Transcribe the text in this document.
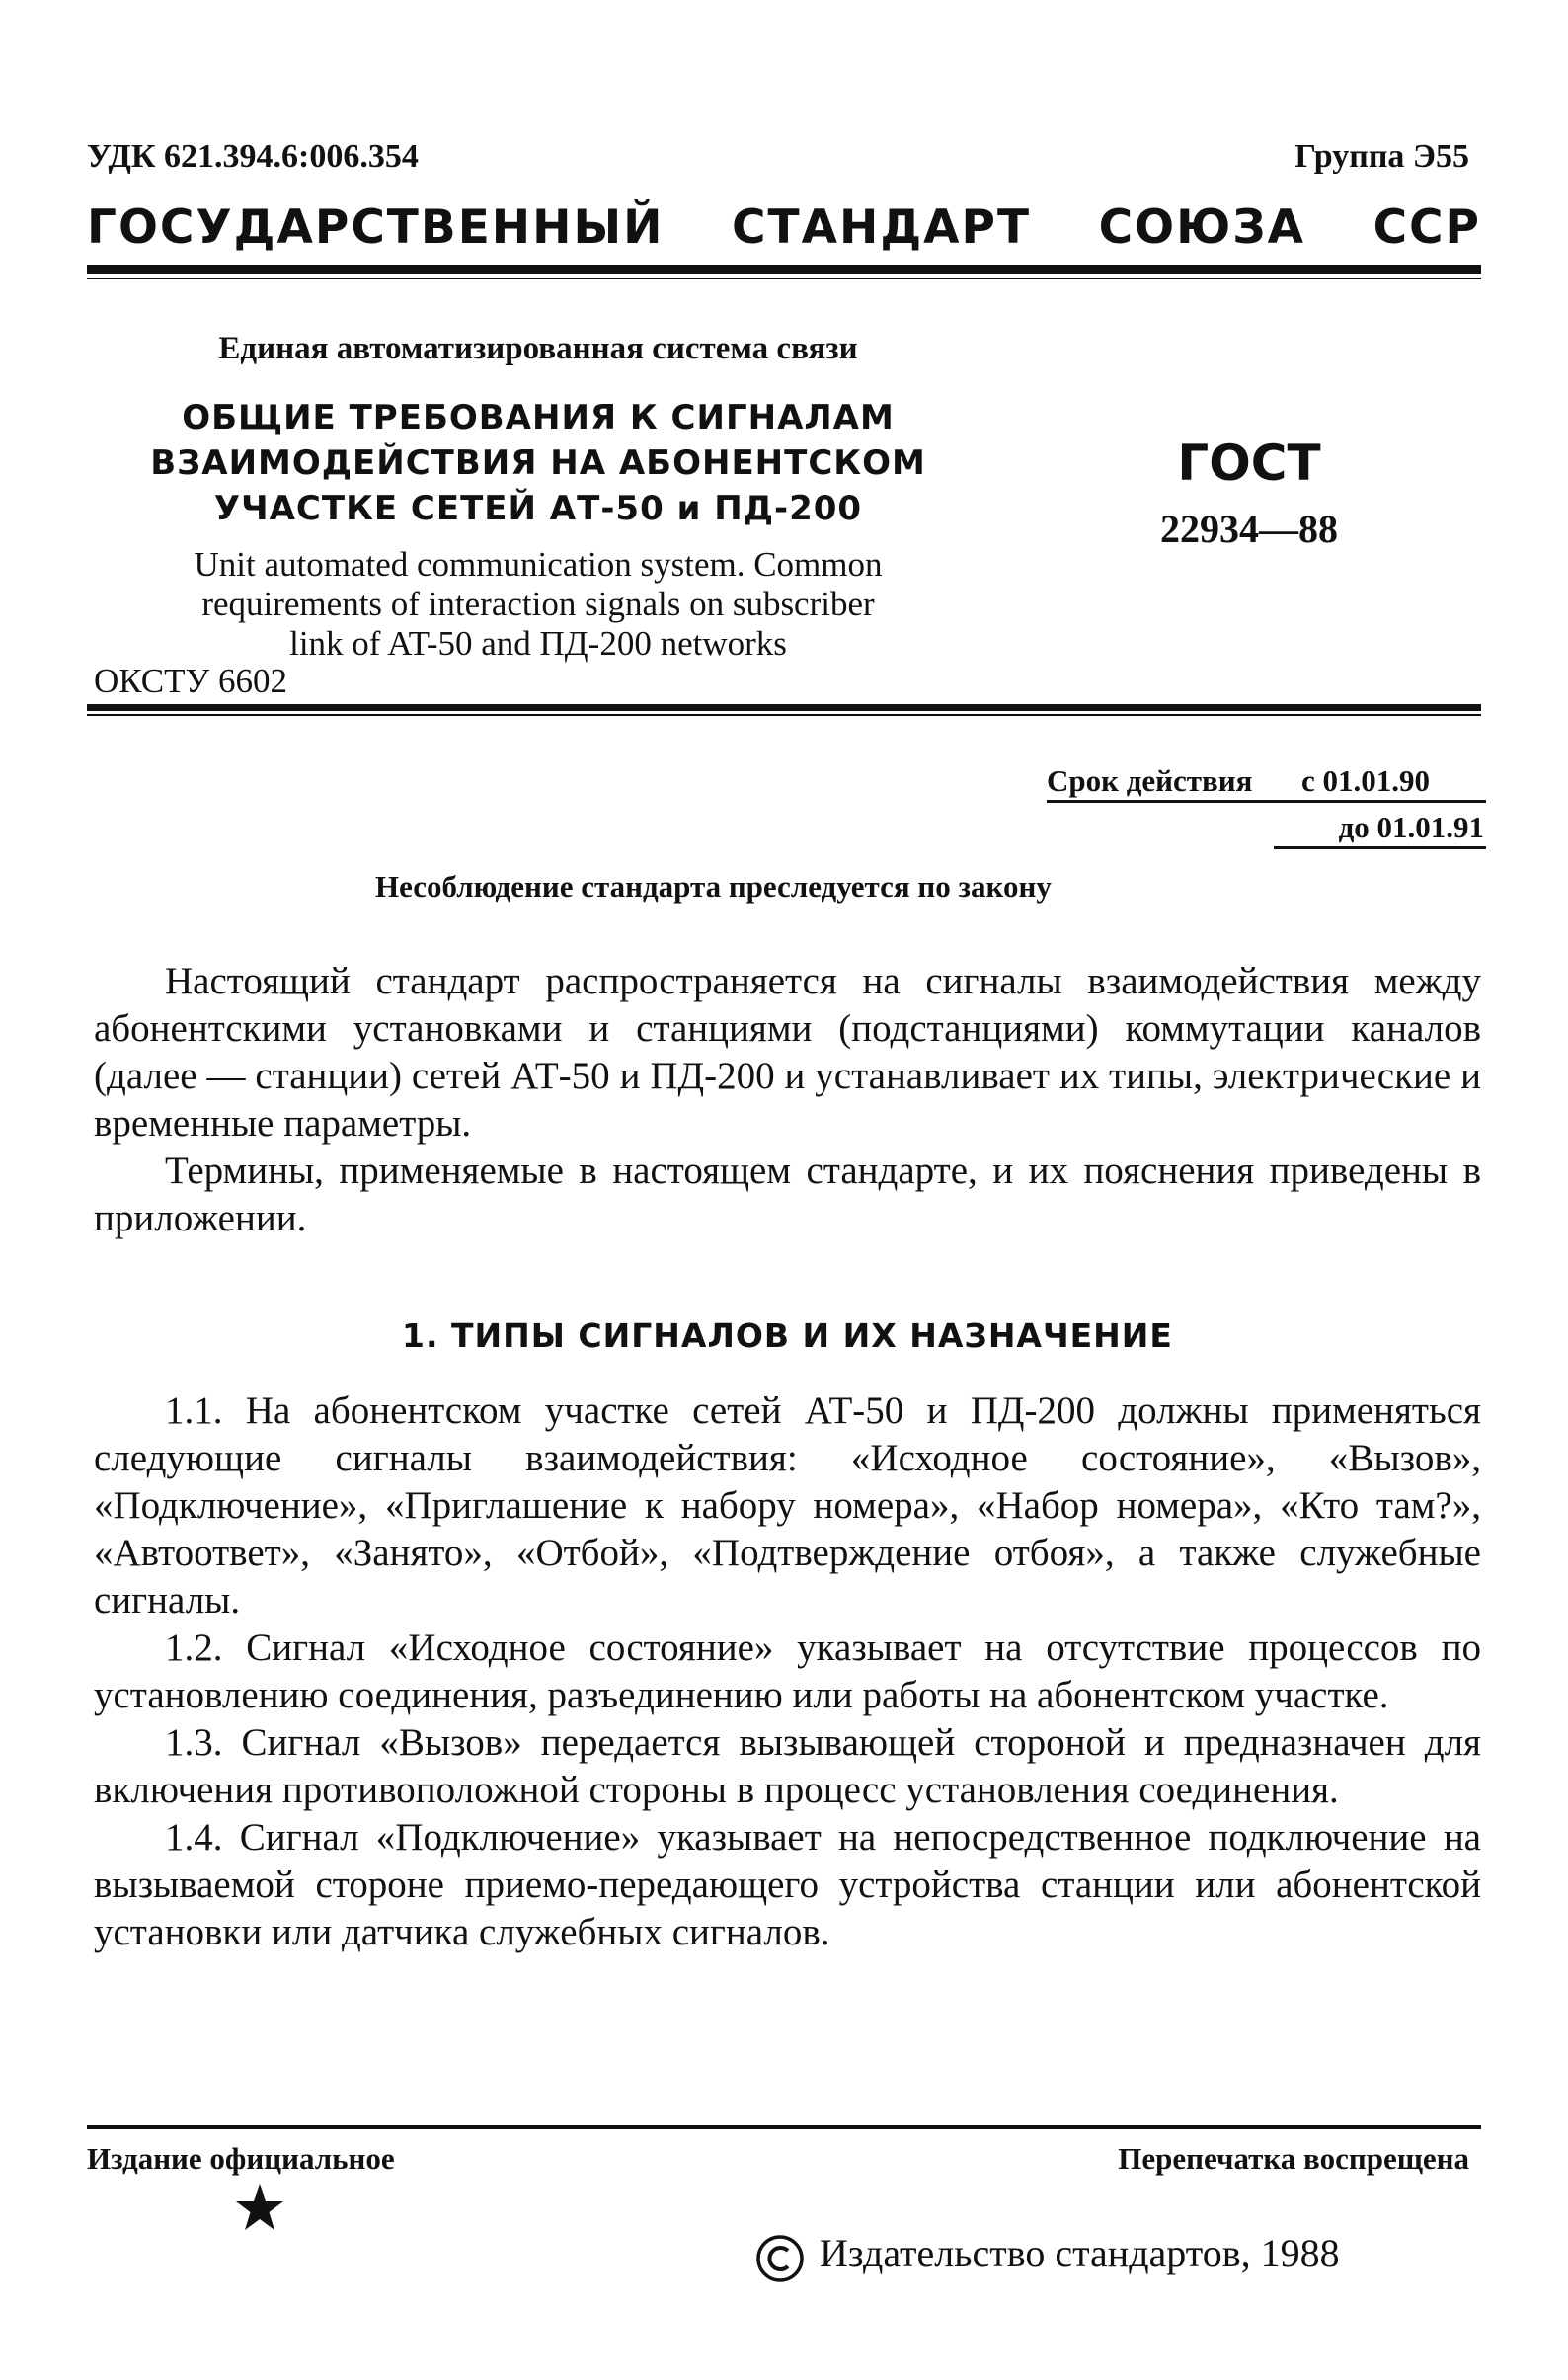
УДК 621.394.6:006.354	Группа Э55
ГОСУДАРСТВЕННЫЙ СТАНДАРТ СОЮЗА ССР
Единая автоматизированная система связи
ОБЩИЕ ТРЕБОВАНИЯ К СИГНАЛАМ
ВЗАИМОДЕЙСТВИЯ НА АБОНЕНТСКОМ
УЧАСТКЕ СЕТЕЙ АТ-50 и ПД-200
Unit automated communication system. Common
requirements of interaction signals on subscriber
link of AT-50 and ПД-200 networks
ОКСТУ 6602
ГОСТ
22934—88
Срок действия с 01.01.90
до 01.01.91
Несоблюдение стандарта преследуется по закону

Настоящий стандарт распространяется на сигналы взаимодействия между абонентскими установками и станциями (подстанциями) коммутации каналов (далее — станции) сетей АТ-50 и ПД-200 и устанавливает их типы, электрические и временные параметры.

Термины, применяемые в настоящем стандарте, и их пояснения приведены в приложении.

1. ТИПЫ СИГНАЛОВ И ИХ НАЗНАЧЕНИЕ

1.1. На абонентском участке сетей АТ-50 и ПД-200 должны применяться следующие сигналы взаимодействия: «Исходное состояние», «Вызов», «Подключение», «Приглашение к набору номера», «Набор номера», «Кто там?», «Автоответ», «Занято», «Отбой», «Подтверждение отбоя», а также служебные сигналы.

1.2. Сигнал «Исходное состояние» указывает на отсутствие процессов по установлению соединения, разъединению или работы на абонентском участке.

1.3. Сигнал «Вызов» передается вызывающей стороной и предназначен для включения противоположной стороны в процесс установления соединения.

1.4. Сигнал «Подключение» указывает на непосредственное подключение на вызываемой стороне приемо-передающего устройства станции или абонентской установки или датчика служебных сигналов.

Издание официальное	Перепечатка воспрещена
Издательство стандартов, 1988
